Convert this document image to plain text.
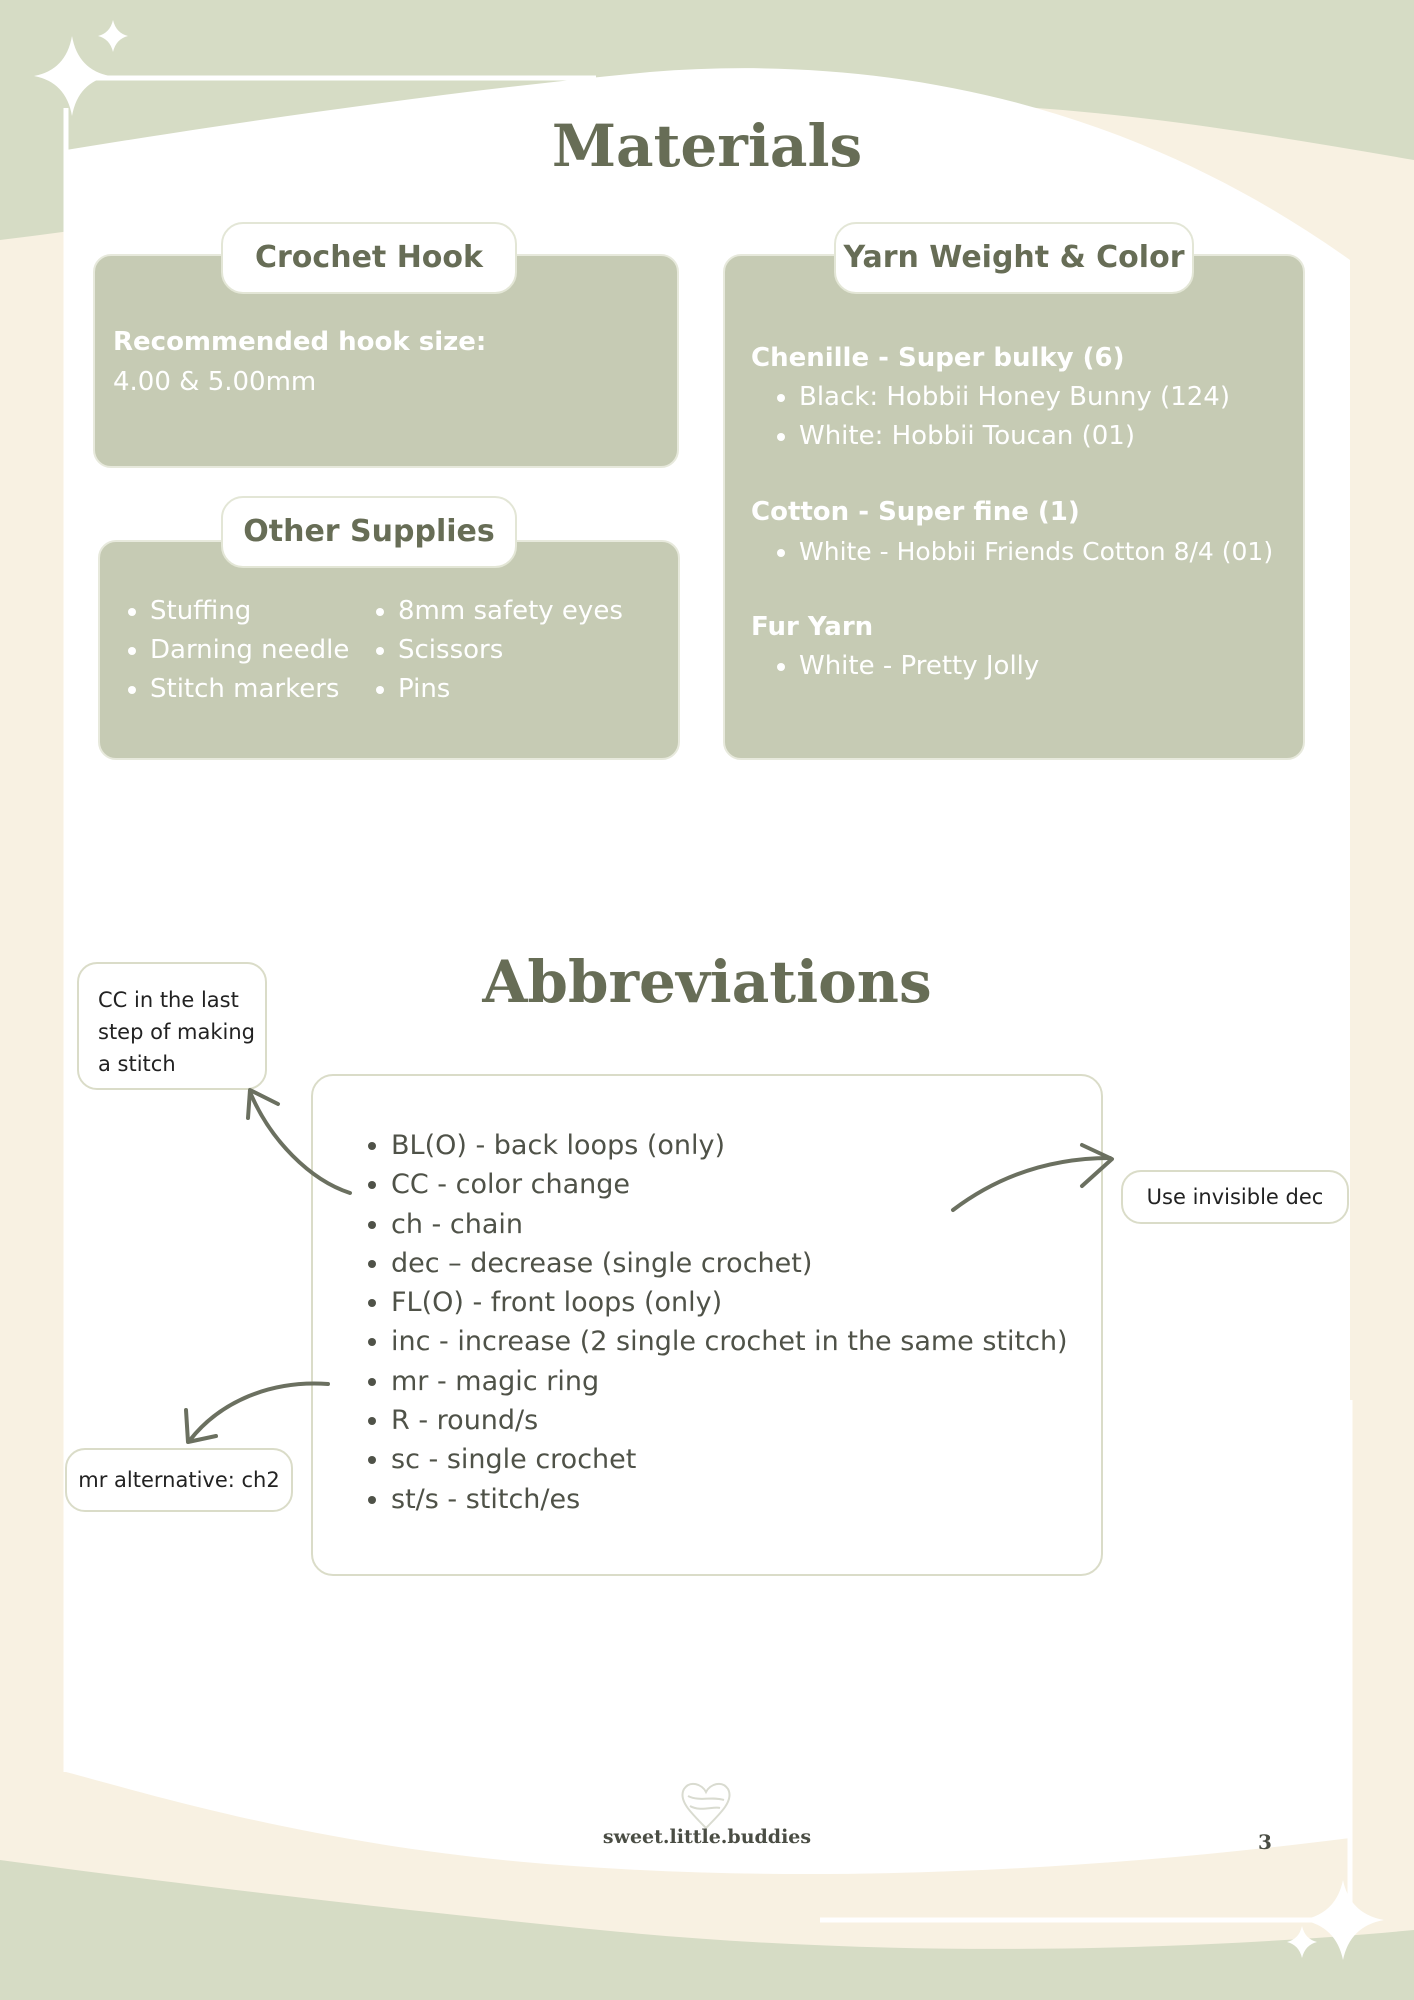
Materials
Recommended hook size:
4.00 & 5.00mm
Crochet Hook
• Stuffing
• Darning needle
• Stitch markers
• 8mm safety eyes
• Scissors
• Pins
Other Supplies
Chenille - Super bulky (6)
• Black: Hobbii Honey Bunny (124)
• White: Hobbii Toucan (01)
Cotton - Super fine (1)
• White - Hobbii Friends Cotton 8/4 (01)
Fur Yarn
• White - Pretty Jolly
Yarn Weight & Color
Abbreviations
• BL(O) - back loops (only)
• CC - color change
• ch - chain
• dec – decrease (single crochet)
• FL(O) - front loops (only)
• inc - increase (2 single crochet in the same stitch)
• mr - magic ring
• R - round/s
• sc - single crochet
• st/s - stitch/es
CC in the last step of making a stitch
Use invisible dec
mr alternative: ch2
sweet.little.buddies	3
